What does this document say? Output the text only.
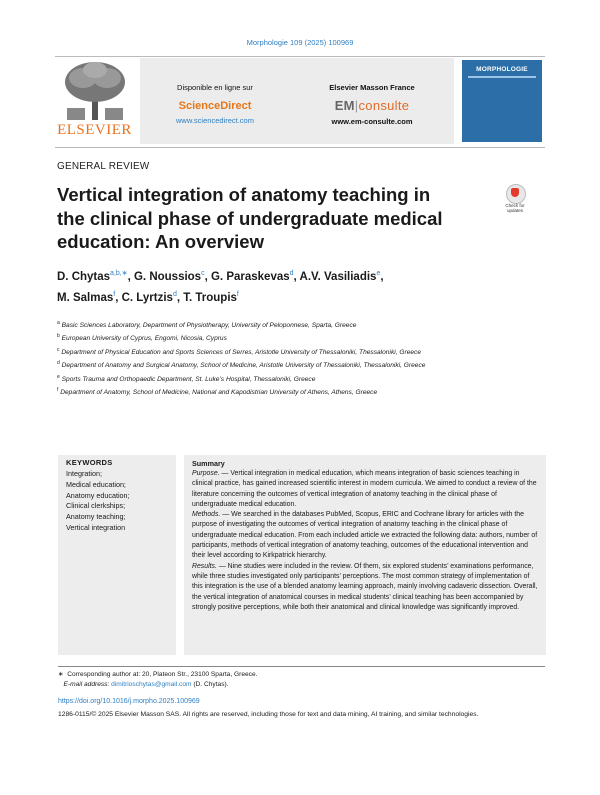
Morphologie 109 (2025) 100969
ELSEVIER
Disponible en ligne sur
ScienceDirect
www.sciencedirect.com
Elsevier Masson France
EM|consulte
www.em-consulte.com
MORPHOLOGIE
GENERAL REVIEW
Vertical integration of anatomy teaching in
the clinical phase of undergraduate medical
education: An overview
Check for updates
D. Chytas$^{a,b,∗}$, G. Noussios$^c$, G. Paraskevas$^d$, A.V. Vasiliadis$^e$,
M. Salmas$^f$, C. Lyrtzis$^d$, T. Troupis$^f$
$^a$ Basic Sciences Laboratory, Department of Physiotherapy, University of Peloponnese, Sparta, Greece
$^b$ European University of Cyprus, Engomi, Nicosia, Cyprus
$^c$ Department of Physical Education and Sports Sciences of Serres, Aristotle University of Thessaloniki, Thessaloniki, Greece
$^d$ Department of Anatomy and Surgical Anatomy, School of Medicine, Aristotle University of Thessaloniki, Thessaloniki, Greece
$^e$ Sports Trauma and Orthopaedic Department, St. Luke’s Hospital, Thessaloniki, Greece
$^f$ Department of Anatomy, School of Medicine, National and Kapodistrian University of Athens, Athens, Greece
KEYWORDS
Integration;
Medical education;
Anatomy education;
Clinical clerkships;
Anatomy teaching;
Vertical integration
Summary
Purpose. — Vertical integration in medical education, which means integration of basic sciences teaching in clinical practice, has gained increased scientific interest in modern curricula. We aimed to conduct a review of the literature concerning the outcomes of vertical integration of anatomy teaching in the clinical phase of undergraduate medical education.
Methods. — We searched in the databases PubMed, Scopus, ERIC and Cochrane library for articles with the purpose of investigating the outcomes of vertical integration of anatomy teaching in the clinical phase of undergraduate medical education. From each included article we extracted the following data: authors, number of participants, methods of vertical integration of anatomy teaching, outcomes of the educational intervention and their level according to Kirkpatrick hierarchy.
Results. — Nine studies were included in the review. Of them, six explored students’ examinations performance, while three studies investigated only participants’ perceptions. The most common strategy of implementation of this integration is the use of a blended anatomy learning approach, mainly involving cadaveric dissection. Overall, the vertical integration of anatomical courses in medical students’ clinical teaching has been accompanied by strongly positive perceptions, while both their anatomical and clinical knowledge was significantly improved.
∗ Corresponding author at: 20, Plateon Str., 23100 Sparta, Greece.
E-mail address: dimitrioschytas@gmail.com (D. Chytas).
https://doi.org/10.1016/j.morpho.2025.100969
1286-0115/© 2025 Elsevier Masson SAS. All rights are reserved, including those for text and data mining, AI training, and similar technologies.
